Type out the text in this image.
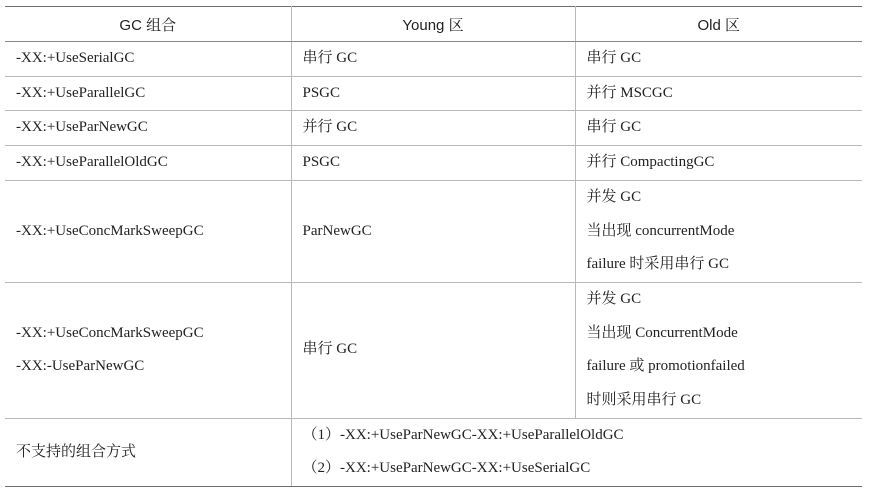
GC 组合	Young 区	Old 区

-XX:+UseSerialGC	串行 GC	串行 GC

-XX:+UseParallelGC	PSGC	并行 MSCGC

-XX:+UseParNewGC	并行 GC	串行 GC

-XX:+UseParallelOldGC	PSGC	并行 CompactingGC

-XX:+UseConcMarkSweepGC	ParNewGC	并发 GC
当出现 concurrentMode
failure 时采用串行 GC

-XX:+UseConcMarkSweepGC
-XX:-UseParNewGC	串行 GC	并发 GC
当出现 ConcurrentMode
failure 或 promotionfailed
时则采用串行 GC

不支持的组合方式	（1）-XX:+UseParNewGC-XX:+UseParallelOldGC
（2）-XX:+UseParNewGC-XX:+UseSerialGC	
